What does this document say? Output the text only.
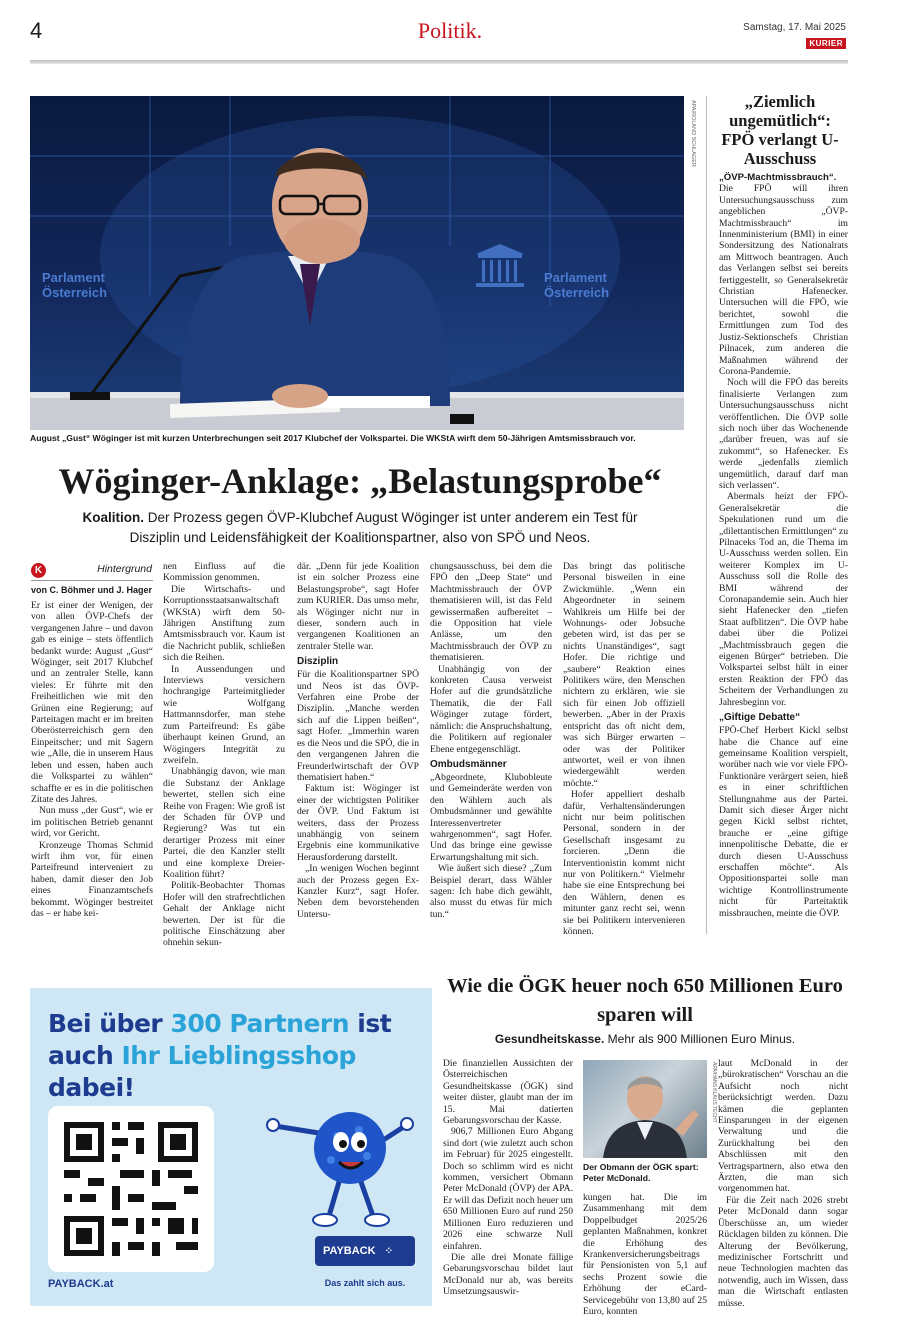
4	Politik.	Samstag, 17. Mai 2025
KURIER
Parlament
Österreich
Parlament
Österreich
APA/ROLAND SCHLAGER
August „Gust“ Wöginger ist mit kurzen Unterbrechungen seit 2017 Klubchef der Volkspartei. Die WKStA wirft dem 50-Jährigen Amtsmissbrauch vor.
Wöginger-Anklage: „Belastungsprobe“
Koalition. Der Prozess gegen ÖVP-Klubchef August Wöginger ist unter anderem ein Test für Disziplin und Leidensfähigkeit der Koalitionspartner, also von SPÖ und Neos.
K	Hintergrund
von C. Böhmer und J. Hager

Er ist einer der Wenigen, der von allen ÖVP-Chefs der vergangenen Jahre – und davon gab es einige – stets öffentlich bedankt wurde: August „Gust“ Wöginger, seit 2017 Klubchef und an zentraler Stelle, kann vieles: Er führte mit den Freiheitlichen wie mit den Grünen eine Regierung; auf Parteitagen macht er im breiten Oberösterreichisch gern den Einpeitscher; und mit Sagern wie „Alle, die in unserem Haus leben und essen, haben auch die Volkspartei zu wählen“ schaffte er es in die politischen Zitate des Jahres.

Nun muss „der Gust“, wie er im politischen Betrieb genannt wird, vor Gericht.

Kronzeuge Thomas Schmid wirft ihm vor, für einen Parteifreund interveniert zu haben, damit dieser den Job eines Finanzamtschefs bekommt. Wöginger bestreitet das – er habe kei-

nen Einfluss auf die Kommission genommen.

Die Wirtschafts- und Korruptionsstaatsanwaltschaft (WKStA) wirft dem 50-Jährigen Anstiftung zum Amtsmissbrauch vor. Kaum ist die Nachricht publik, schließen sich die Reihen.

In Aussendungen und Interviews versichern hochrangige Parteimitglieder wie Wolfgang Hattmannsdorfer, man stehe zum Parteifreund: Es gäbe überhaupt keinen Grund, an Wögingers Integrität zu zweifeln.

Unabhängig davon, wie man die Substanz der Anklage bewertet, stellen sich eine Reihe von Fragen: Wie groß ist der Schaden für ÖVP und Regierung? Was tut ein derartiger Prozess mit einer Partei, die den Kanzler stellt und eine komplexe Dreier-Koalition führt?

Politik-Beobachter Thomas Hofer will den strafrechtlichen Gehalt der Anklage nicht bewerten. Der ist für die politische Einschätzung aber ohnehin sekun-

där. „Denn für jede Koalition ist ein solcher Prozess eine Belastungsprobe“, sagt Hofer zum KURIER. Das umso mehr, als Wöginger nicht nur in dieser, sondern auch in vergangenen Koalitionen an zentraler Stelle war.

Disziplin

Für die Koalitionspartner SPÖ und Neos ist das ÖVP-Verfahren eine Probe der Disziplin. „Manche werden sich auf die Lippen beißen“, sagt Hofer. „Immerhin waren es die Neos und die SPÖ, die in den vergangenen Jahren die Freunderlwirtschaft der ÖVP thematisiert haben.“

Faktum ist: Wöginger ist einer der wichtigsten Politiker der ÖVP. Und Faktum ist weiters, dass der Prozess unabhängig von seinem Ergebnis eine kommunikative Herausforderung darstellt.

„In wenigen Wochen beginnt auch der Prozess gegen Ex-Kanzler Kurz“, sagt Hofer. Neben dem bevorstehenden Untersu-

chungsausschuss, bei dem die FPÖ den „Deep State“ und Machtmissbrauch der ÖVP thematisieren will, ist das Feld gewissermaßen aufbereitet – die Opposition hat viele Anlässe, um den Machtmissbrauch der ÖVP zu thematisieren.

Unabhängig von der konkreten Causa verweist Hofer auf die grundsätzliche Thematik, die der Fall Wöginger zutage fördert, nämlich: die Anspruchshaltung, die Politikern auf regionaler Ebene entgegenschlägt.

Ombudsmänner

„Abgeordnete, Klubobleute und Gemeinderäte werden von den Wählern auch als Ombudsmänner und gewählte Interessenvertreter wahrgenommen“, sagt Hofer. Und das bringe eine gewisse Erwartungshaltung mit sich.

Wie äußert sich diese? „Zum Beispiel derart, dass Wähler sagen: Ich habe dich gewählt, also musst du etwas für mich tun.“

Das bringt das politische Personal bisweilen in eine Zwickmühle. „Wenn ein Abgeordneter in seinem Wahlkreis um Hilfe bei der Wohnungs- oder Jobsuche gebeten wird, ist das per se nichts Unanständiges“, sagt Hofer. Die richtige und „saubere“ Reaktion eines Politikers wäre, den Menschen nichtern zu erklären, wie sie sich für einen Job offiziell bewerben. „Aber in der Praxis entspricht das oft nicht dem, was sich Bürger erwarten – oder was der Politiker antwortet, weil er von ihnen wiedergewählt werden möchte.“

Hofer appelliert deshalb dafür, Verhaltensänderungen nicht nur beim politischen Personal, sondern in der Gesellschaft insgesamt zu forcieren. „Denn die Interventionistin kommt nicht nur von Politikern.“ Vielmehr habe sie eine Entsprechung bei den Wählern, denen es mitunter ganz recht sei, wenn sie bei Politikern intervenieren können.

„Ziemlich ungemütlich“: FPÖ verlangt U-Ausschuss

„ÖVP-Machtmissbrauch“. Die FPÖ will ihren Untersuchungsausschuss zum angeblichen „ÖVP-Machtmissbrauch“ im Innenministerium (BMI) in einer Sondersitzung des Nationalrats am Mittwoch beantragen. Auch das Verlangen selbst sei bereits fertiggestellt, so Generalsekretär Christian Hafenecker. Untersuchen will die FPÖ, wie berichtet, sowohl die Ermittlungen zum Tod des Justiz-Sektionschefs Christian Pilnacek, zum anderen die Maßnahmen während der Corona-Pandemie.

Noch will die FPÖ das bereits finalisierte Verlangen zum Untersuchungsausschuss nicht veröffentlichen. Die ÖVP solle sich noch über das Wochenende „darüber freuen, was auf sie zukommt“, so Hafenecker. Es werde „jedenfalls ziemlich ungemütlich, darauf darf man sich verlassen“.

Abermals heizt der FPÖ-Generalsekretär die Spekulationen rund um die „dilettantischen Ermittlungen“ zu Pilnaceks Tod an, die Thema im U-Ausschuss werden sollen. Ein weiterer Komplex im U-Ausschuss soll die Rolle des BMI während der Coronapandemie sein. Auch hier sieht Hafenecker den „tiefen Staat aufblitzen“. Die ÖVP habe dabei über die Polizei „Machtmissbrauch gegen die eigenen Bürger“ betrieben. Die Volkspartei selbst hält in einer ersten Reaktion der FPÖ das Scheitern der Verhandlungen zu Jahresbeginn vor.

„Giftige Debatte“

FPÖ-Chef Herbert Kickl selbst habe die Chance auf eine gemeinsame Koalition verspielt, worüber nach wie vor viele FPÖ-Funktionäre verärgert seien, hieß es in einer schriftlichen Stellungnahme aus der Partei. Damit sich dieser Ärger nicht gegen Kickl selbst richtet, brauche er „eine giftige innenpolitische Debatte, die er durch diesen U-Ausschuss erschaffen möchte“. Als Oppositionspartei solle man wichtige Kontrollinstrumente nicht für Parteitaktik missbrauchen, meinte die ÖVP.

Bei über 300 Partnern ist
auch Ihr Lieblingsshop dabei!
PAYBACK ⁘
Das zahlt sich aus.
PAYBACK.at
Wie die ÖGK heuer noch 650 Millionen Euro sparen will
Gesundheitskasse. Mehr als 900 Millionen Euro Minus.

Die finanziellen Aussichten der Österreichischen Gesundheitskasse (ÖGK) sind weiter düster, glaubt man der im 15. Mai datierten Gebarungsvorschau der Kasse.

906,7 Millionen Euro Abgang sind dort (wie zuletzt auch schon im Februar) für 2025 eingestellt. Doch so schlimm wird es nicht kommen, versichert Obmann Peter McDonald (ÖVP) der APA. Er will das Defizit noch heuer um 650 Millionen Euro auf rund 250 Millionen Euro reduzieren und 2026 eine schwarze Null einfahren.

Die alle drei Monate fällige Gebarungsvorschau bildet laut McDonald nur ab, was bereits Umsetzungsauswir-

APA/HANS KLAUS TECHT
Der Obmann der ÖGK spart: Peter McDonald.

kungen hat. Die im Zusammenhang mit dem Doppelbudget 2025/26 geplanten Maßnahmen, konkret die Erhöhung des Krankenversicherungsbeitrags für Pensionisten von 5,1 auf sechs Prozent sowie die Erhöhung der eCard-Servicegebühr von 13,80 auf 25 Euro, konnten

laut McDonald in der „bürokratischen“ Vorschau an die Aufsicht noch nicht berücksichtigt werden. Dazu kämen die geplanten Einsparungen in der eigenen Verwaltung und die Zurückhaltung bei den Abschlüssen mit den Vertragspartnern, also etwa den Ärzten, die man sich vorgenommen hat.

Für die Zeit nach 2026 strebt Peter McDonald dann sogar Überschüsse an, um wieder Rücklagen bilden zu können. Die Alterung der Bevölkerung, medizinischer Fortschritt und neue Technologien machten das notwendig, auch im Wissen, dass man die Wirtschaft entlasten müsse.
